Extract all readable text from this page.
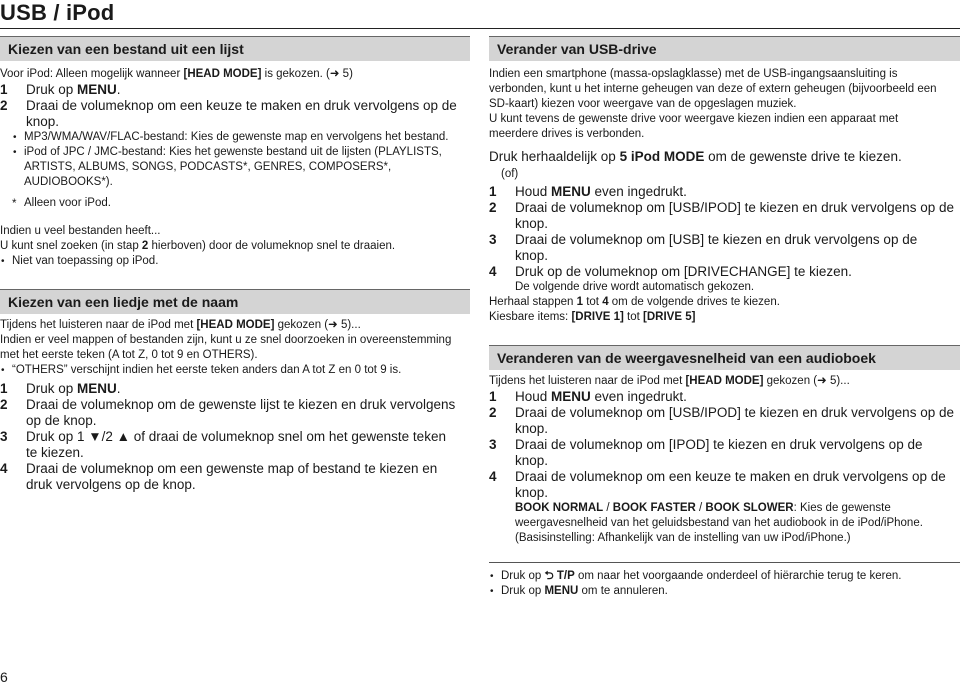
USB / iPod
Kiezen van een bestand uit een lijst

Voor iPod: Alleen mogelijk wanneer [HEAD MODE] is gekozen. (➜ 5)

1 Druk op MENU.

2 Draai de volumeknop om een keuze te maken en druk vervolgens op de
knop.

• MP3/WMA/WAV/FLAC-bestand: Kies de gewenste map en vervolgens het bestand.

• iPod of JPC / JMC-bestand: Kies het gewenste bestand uit de lijsten (PLAYLISTS,
ARTISTS, ALBUMS, SONGS, PODCASTS*, GENRES, COMPOSERS*, AUDIOBOOKS*).

* Alleen voor iPod.

Indien u veel bestanden heeft...

U kunt snel zoeken (in stap 2 hierboven) door de volumeknop snel te draaien.

• Niet van toepassing op iPod.

Kiezen van een liedje met de naam

Tijdens het luisteren naar de iPod met [HEAD MODE] gekozen (➜ 5)...

Indien er veel mappen of bestanden zijn, kunt u ze snel doorzoeken in overeenstemming

met het eerste teken (A tot Z, 0 tot 9 en OTHERS).

• “OTHERS” verschijnt indien het eerste teken anders dan A tot Z en 0 tot 9 is.

1 Druk op MENU.

2 Draai de volumeknop om de gewenste lijst te kiezen en druk vervolgens
op de knop.

3 Druk op 1 ▼/2 ▲ of draai de volumeknop snel om het gewenste teken
te kiezen.

4 Draai de volumeknop om een gewenste map of bestand te kiezen en
druk vervolgens op de knop.

Verander van USB-drive

Indien een smartphone (massa-opslagklasse) met de USB-ingangsaansluiting is

verbonden, kunt u het interne geheugen van deze of extern geheugen (bijvoorbeeld een

SD-kaart) kiezen voor weergave van de opgeslagen muziek.

U kunt tevens de gewenste drive voor weergave kiezen indien een apparaat met

meerdere drives is verbonden.

Druk herhaaldelijk op 5 iPod MODE om de gewenste drive te kiezen.

(of)

1 Houd MENU even ingedrukt.

2 Draai de volumeknop om [USB/IPOD] te kiezen en druk vervolgens op de
knop.

3 Draai de volumeknop om [USB] te kiezen en druk vervolgens op de
knop.

4 Druk op de volumeknop om [DRIVECHANGE] te kiezen.
De volgende drive wordt automatisch gekozen.

Herhaal stappen 1 tot 4 om de volgende drives te kiezen.

Kiesbare items: [DRIVE 1] tot [DRIVE 5]

Veranderen van de weergavesnelheid van een audioboek

Tijdens het luisteren naar de iPod met [HEAD MODE] gekozen (➜ 5)...

1 Houd MENU even ingedrukt.

2 Draai de volumeknop om [USB/IPOD] te kiezen en druk vervolgens op de
knop.

3 Draai de volumeknop om [IPOD] te kiezen en druk vervolgens op de
knop.

4 Draai de volumeknop om een keuze te maken en druk vervolgens op de
knop.

BOOK NORMAL / BOOK FASTER / BOOK SLOWER: Kies de gewenste

weergavesnelheid van het geluidsbestand van het audiobook in de iPod/iPhone.

(Basisinstelling: Afhankelijk van de instelling van uw iPod/iPhone.)

• Druk op ⮌ T/P om naar het voorgaande onderdeel of hiërarchie terug te keren.

• Druk op MENU om te annuleren.

6
